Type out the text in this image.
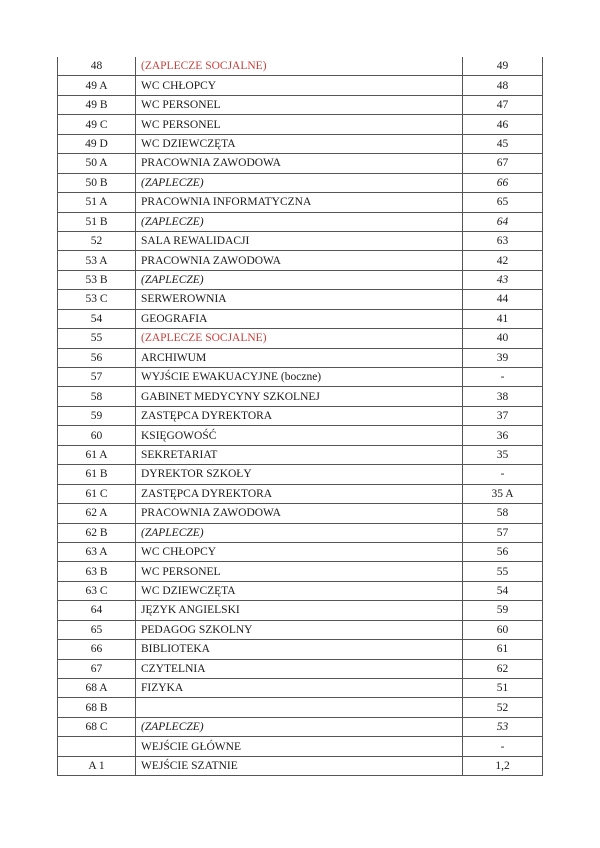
48	(ZAPLECZE SOCJALNE)	49
49 A	WC CHŁOPCY	48
49 B	WC PERSONEL	47
49 C	WC PERSONEL	46
49 D	WC DZIEWCZĘTA	45
50 A	PRACOWNIA ZAWODOWA	67
50 B	(ZAPLECZE)	66
51 A	PRACOWNIA INFORMATYCZNA	65
51 B	(ZAPLECZE)	64
52	SALA REWALIDACJI	63
53 A	PRACOWNIA ZAWODOWA	42
53 B	(ZAPLECZE)	43
53 C	SERWEROWNIA	44
54	GEOGRAFIA	41
55	(ZAPLECZE SOCJALNE)	40
56	ARCHIWUM	39
57	WYJŚCIE EWAKUACYJNE (boczne)	-
58	GABINET MEDYCYNY SZKOLNEJ	38
59	ZASTĘPCA DYREKTORA	37
60	KSIĘGOWOŚĆ	36
61 A	SEKRETARIAT	35
61 B	DYREKTOR SZKOŁY	-
61 C	ZASTĘPCA DYREKTORA	35 A
62 A	PRACOWNIA ZAWODOWA	58
62 B	(ZAPLECZE)	57
63 A	WC CHŁOPCY	56
63 B	WC PERSONEL	55
63 C	WC DZIEWCZĘTA	54
64	JĘZYK ANGIELSKI	59
65	PEDAGOG SZKOLNY	60
66	BIBLIOTEKA	61
67	CZYTELNIA	62
68 A	FIZYKA	51
68 B		52
68 C	(ZAPLECZE)	53
	WEJŚCIE GŁÓWNE	-
A 1	WEJŚCIE SZATNIE	1,2
